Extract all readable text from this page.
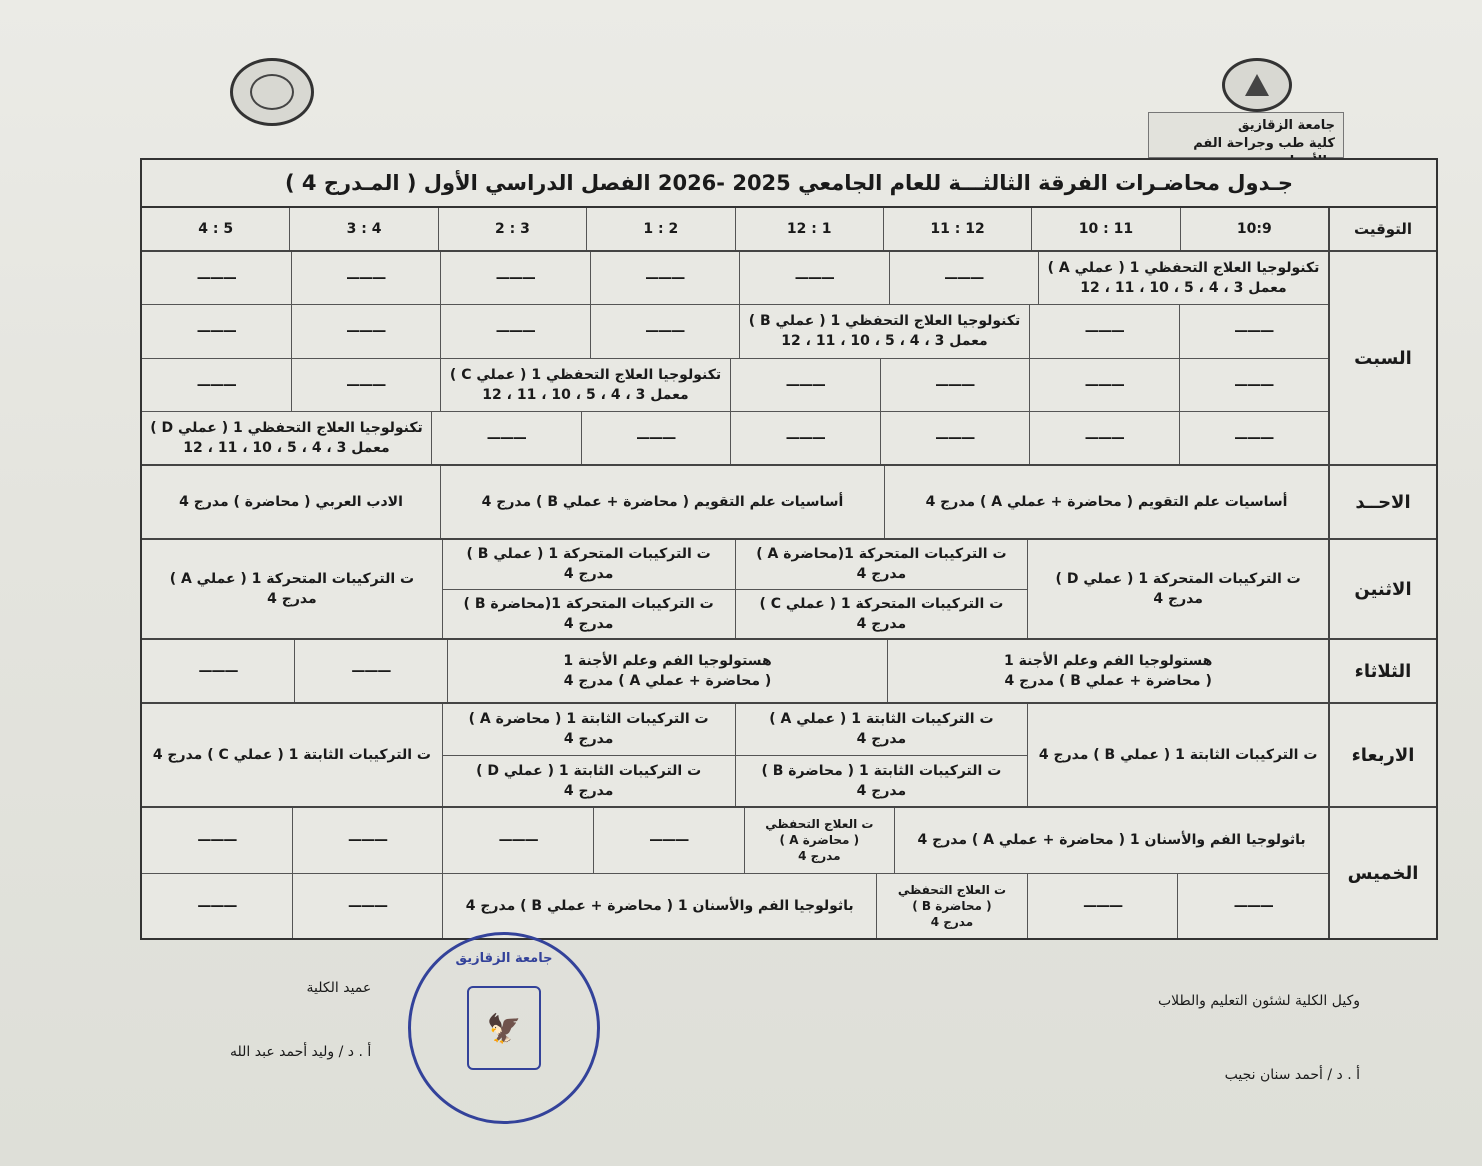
جامعة الزقازيق
كلية طب وجراحة الفم
جـدول محاضـرات الفرقة الثالثـــة للعام الجامعي 2025 -2026 الفصل الدراسي الأول ( المـدرج 4 )
التوقيت
10:9
11 : 10
12 : 11
1 : 12
2 : 1
3 : 2
4 : 3
5 : 4
السبت
تكنولوجيا العلاج التحفظي 1 ( عملي A )
معمل 3 ، 4 ، 5 ، 10 ، 11 ، 12
———
———
———
———
———
———
———
———
تكنولوجيا العلاج التحفظي 1 ( عملي B )
معمل 3 ، 4 ، 5 ، 10 ، 11 ، 12
———
———
———
———
———
———
———
———
تكنولوجيا العلاج التحفظي 1 ( عملي C )
معمل 3 ، 4 ، 5 ، 10 ، 11 ، 12
———
———
———
———
———
———
———
———
تكنولوجيا العلاج التحفظي 1 ( عملي D )
معمل 3 ، 4 ، 5 ، 10 ، 11 ، 12
الاحــد
أساسيات علم التقويم ( محاضرة + عملي A ) مدرج 4
أساسيات علم التقويم ( محاضرة + عملي B ) مدرج 4
الادب العربي ( محاضرة ) مدرج 4
الاثنين
ت التركيبات المتحركة 1 ( عملي D )
مدرج 4
ت التركيبات المتحركة 1(محاضرة A )
مدرج 4
ت التركيبات المتحركة 1 ( عملي C )
مدرج 4
ت التركيبات المتحركة 1 ( عملي B )
مدرج 4
ت التركيبات المتحركة 1(محاضرة B )
مدرج 4
ت التركيبات المتحركة 1 ( عملي A )
مدرج 4
الثلاثاء
هستولوجيا الفم وعلم الأجنة 1
( محاضرة + عملي B ) مدرج 4
هستولوجيا الفم وعلم الأجنة 1
( محاضرة + عملي A ) مدرج 4
———
———
الاربعاء
ت التركيبات الثابتة 1 ( عملي B ) مدرج 4
ت التركيبات الثابتة 1 ( عملي A )
مدرج 4
ت التركيبات الثابتة 1 ( محاضرة B )
مدرج 4
ت التركيبات الثابتة 1 ( محاضرة A )
مدرج 4
ت التركيبات الثابتة 1 ( عملي D )
مدرج 4
ت التركيبات الثابتة 1 ( عملي C ) مدرج 4
الخميس
باثولوجيا الفم والأسنان 1 ( محاضرة + عملي A ) مدرج 4
ت العلاج التحفظي
( محاضرة A )
مدرج 4
———
———
———
———
———
———
ت العلاج التحفظي
( محاضرة B )
مدرج 4
باثولوجيا الفم والأسنان 1 ( محاضرة + عملي B ) مدرج 4
———
———
جامعة الزقازيق
🦅
عميد الكلية
أ . د / وليد أحمد عبد الله
وكيل الكلية لشئون التعليم والطلاب
أ . د / أحمد سنان نجيب
